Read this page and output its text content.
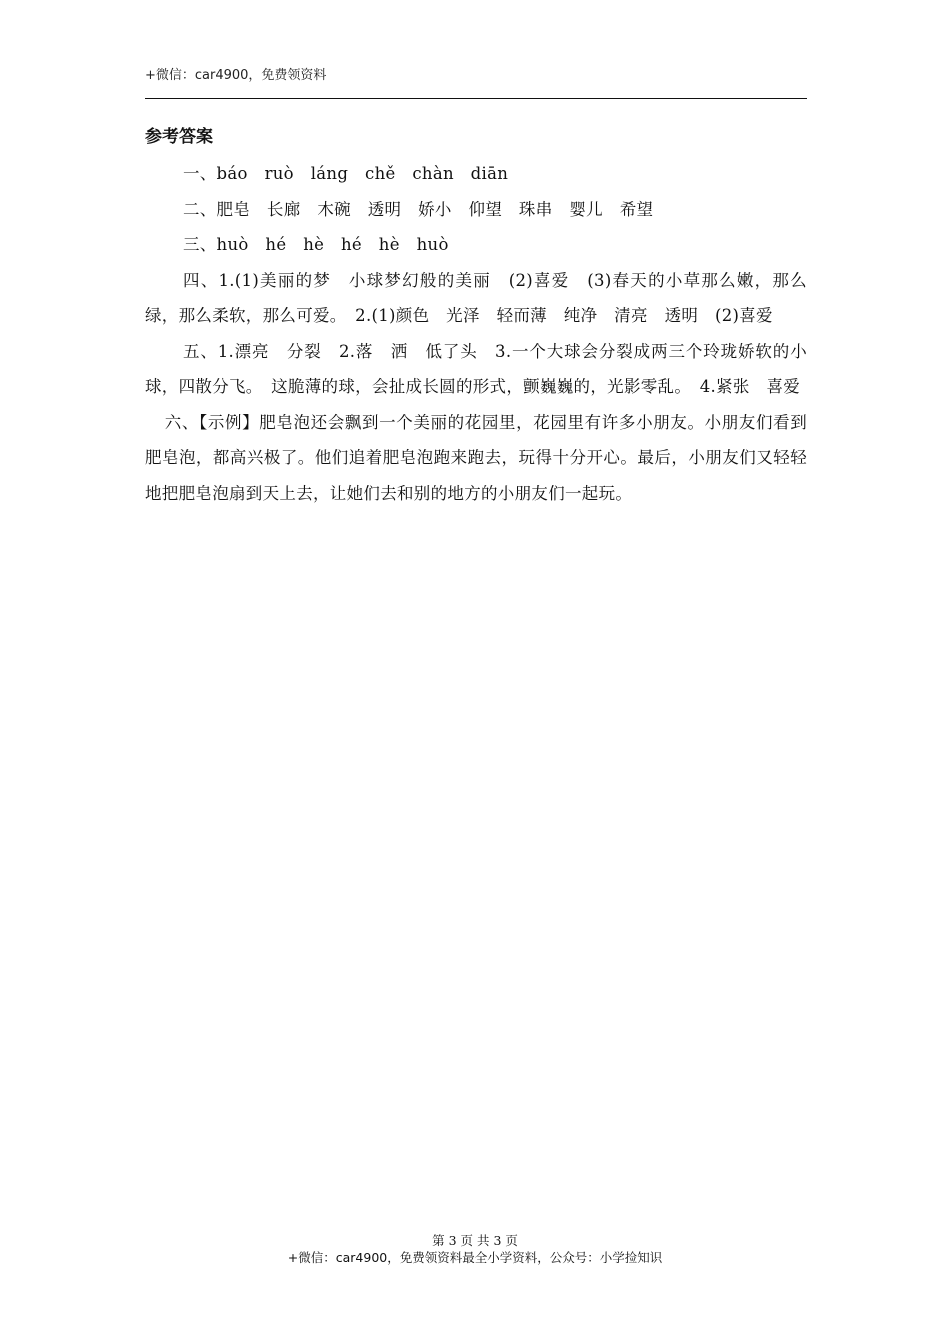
+微信：car4900，免费领资料
参考答案

一、báo　ruò　láng　chě　chàn　diān

二、肥皂　长廊　木碗　透明　娇小　仰望　珠串　婴儿　希望

三、huò　hé　hè　hé　hè　huò

四、1.(1)美丽的梦　小球梦幻般的美丽　(2)喜爱　(3)春天的小草那么嫩，那么绿，那么柔软，那么可爱。　2.(1)颜色　光泽　轻而薄　纯净　清亮　透明　(2)喜爱

五、1.漂亮　分裂　2.落　洒　低了头　3.一个大球会分裂成两三个玲珑娇软的小球，四散分飞。　这脆薄的球，会扯成长圆的形式，颤巍巍的，光影零乱。　4.紧张　喜爱

六、【示例】肥皂泡还会飘到一个美丽的花园里，花园里有许多小朋友。小朋友们看到肥皂泡，都高兴极了。他们追着肥皂泡跑来跑去，玩得十分开心。最后，小朋友们又轻轻地把肥皂泡扇到天上去，让她们去和别的地方的小朋友们一起玩。

第 3 页 共 3 页
+微信：car4900，免费领资料最全小学资料，公众号：小学捡知识
